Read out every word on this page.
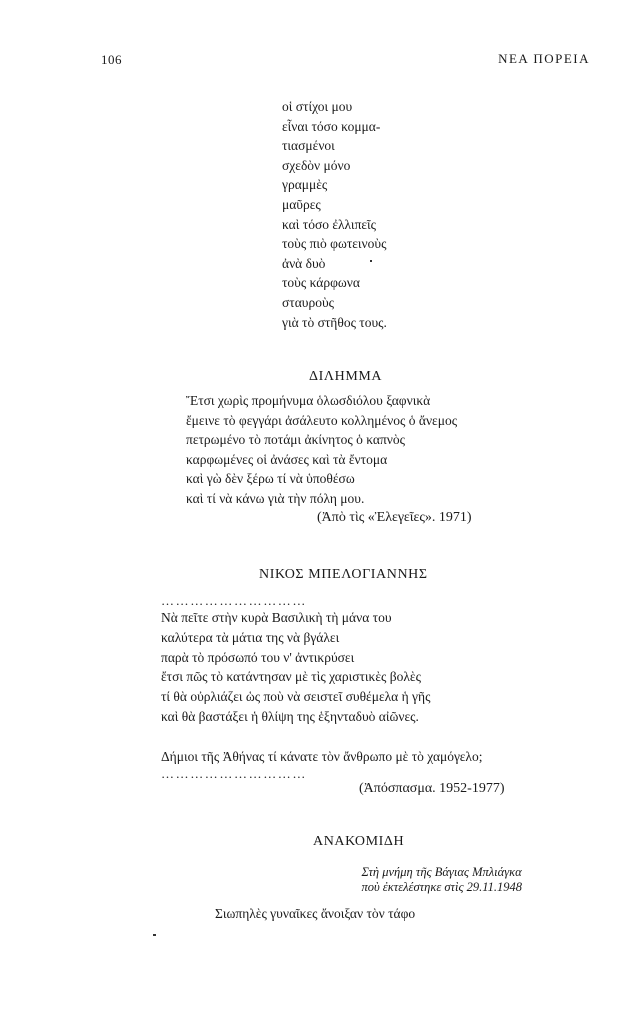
106	ΝΕΑ ΠΟΡΕΙΑ
οἱ στίχοι μου
εἶναι τόσο κομμα-
τιασμένοι
σχεδὸν μόνο
γραμμὲς
μαῦρες
καὶ τόσο ἐλλιπεῖς
τοὺς πιὸ φωτεινοὺς
ἀνὰ δυὸ
τοὺς κάρφωνα
σταυροὺς
γιὰ τὸ στῆθος τους.
ΔΙΛΗΜΜΑ
Ἔτσι χωρὶς προμήνυμα ὁλωσδιόλου ξαφνικὰ
ἔμεινε τὸ φεγγάρι ἀσάλευτο κολλημένος ὁ ἄνεμος
πετρωμένο τὸ ποτάμι ἀκίνητος ὁ καπνὸς
καρφωμένες οἱ ἀνάσες καὶ τὰ ἔντομα
καὶ γὼ δὲν ξέρω τί νὰ ὑποθέσω
καὶ τί νὰ κάνω γιὰ τὴν πόλη μου.
(Ἀπὸ τὶς «Ἐλεγεῖες». 1971)
ΝΙΚΟΣ ΜΠΕΛΟΓΙΑΝΝΗΣ
…………………………
Νὰ πεῖτε στὴν κυρὰ Βασιλικὴ τὴ μάνα του
καλύτερα τὰ μάτια της νὰ βγάλει
παρὰ τὸ πρόσωπό του ν' ἀντικρύσει
ἔτσι πῶς τὸ κατάντησαν μὲ τὶς χαριστικὲς βολὲς
τί θὰ οὐρλιάζει ὡς ποὺ νὰ σειστεῖ συθέμελα ἡ γῆς
καὶ θὰ βαστάξει ἡ θλίψη της ἑξηνταδυὸ αἰῶνες.
Δήμιοι τῆς Ἀθήνας τί κάνατε τὸν ἄνθρωπο μὲ τὸ χαμόγελο;
…………………………
(Ἀπόσπασμα. 1952-1977)
ΑΝΑΚΟΜΙΔΗ
Στὴ μνήμη τῆς Βάγιας Μπλιάγκα
ποὺ ἐκτελέστηκε στὶς 29.11.1948
Σιωπηλὲς γυναῖκες ἄνοιξαν τὸν τάφο
